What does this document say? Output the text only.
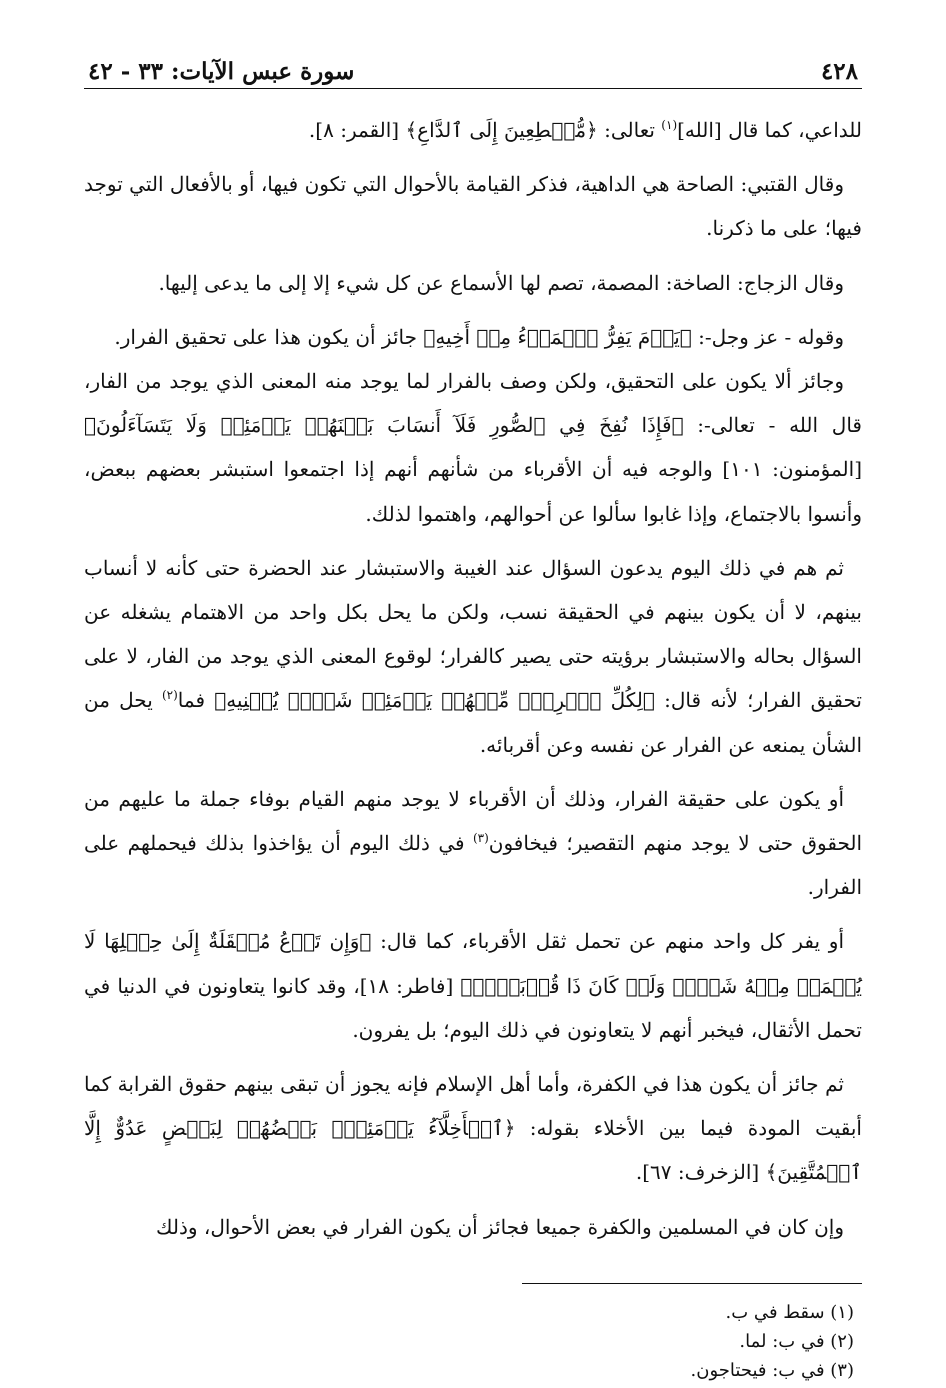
٤٢٨
سورة عبس الآيات: ٣٣ - ٤٢

للداعي، كما قال [الله]$^{(١)}$ تعالى: ﴿مُّهۡطِعِينَ إِلَى ٱلدَّاعِ﴾ [القمر: ٨].

وقال القتبي: الصاحة هي الداهية، فذكر القيامة بالأحوال التي تكون فيها، أو بالأفعال التي توجد فيها؛ على ما ذكرنا.

وقال الزجاج: الصاخة: المصمة، تصم لها الأسماع عن كل شيء إلا إلى ما يدعى إليها.

وقوله - عز وجل-: ﴿يَوۡمَ يَفِرُّ ٱلۡمَرۡءُ مِنۡ أَخِيهِ﴾ جائز أن يكون هذا على تحقيق الفرار.

وجائز ألا يكون على التحقيق، ولكن وصف بالفرار لما يوجد منه المعنى الذي يوجد من الفار، قال الله - تعالى-: ﴿فَإِذَا نُفِخَ فِي ٱلصُّورِ فَلَآ أَنسَابَ بَيۡنَهُمۡ يَوۡمَئِذٖ وَلَا يَتَسَآءَلُونَ﴾ [المؤمنون: ١٠١] والوجه فيه أن الأقرباء من شأنهم أنهم إذا اجتمعوا استبشر بعضهم ببعض، وأنسوا بالاجتماع، وإذا غابوا سألوا عن أحوالهم، واهتموا لذلك.

ثم هم في ذلك اليوم يدعون السؤال عند الغيبة والاستبشار عند الحضرة حتى كأنه لا أنساب بينهم، لا أن يكون بينهم في الحقيقة نسب، ولكن ما يحل بكل واحد من الاهتمام يشغله عن السؤال بحاله والاستبشار برؤيته حتى يصير كالفرار؛ لوقوع المعنى الذي يوجد من الفار، لا على تحقيق الفرار؛ لأنه قال: ﴿لِكُلِّ ٱمۡرِيٕٖ مِّنۡهُمۡ يَوۡمَئِذٖ شَأۡنٞ يُغۡنِيهِ﴾ فما$^{(٢)}$ يحل من الشأن يمنعه عن الفرار عن نفسه وعن أقربائه.

أو يكون على حقيقة الفرار، وذلك أن الأقرباء لا يوجد منهم القيام بوفاء جملة ما عليهم من الحقوق حتى لا يوجد منهم التقصير؛ فيخافون$^{(٣)}$ في ذلك اليوم أن يؤاخذوا بذلك فيحملهم على الفرار.

أو يفر كل واحد منهم عن تحمل ثقل الأقرباء، كما قال: ﴿وَإِن تَدۡعُ مُثۡقَلَةٌ إِلَىٰ حِمۡلِهَا لَا يُحۡمَلۡ مِنۡهُ شَيۡءٞ وَلَوۡ كَانَ ذَا قُرۡبَىٰٓۗ﴾ [فاطر: ١٨]، وقد كانوا يتعاونون في الدنيا في تحمل الأثقال، فيخبر أنهم لا يتعاونون في ذلك اليوم؛ بل يفرون.

ثم جائز أن يكون هذا في الكفرة، وأما أهل الإسلام فإنه يجوز أن تبقى بينهم حقوق القرابة كما أبقيت المودة فيما بين الأخلاء بقوله: ﴿ٱلۡأَخِلَّآءُ يَوۡمَئِذِۭ بَعۡضُهُمۡ لِبَعۡضٍ عَدُوٌّ إِلَّا ٱلۡمُتَّقِينَ﴾ [الزخرف: ٦٧].

وإن كان في المسلمين والكفرة جميعا فجائز أن يكون الفرار في بعض الأحوال، وذلك

(١) سقط في ب.
(٢) في ب: لما.
(٣) في ب: فيحتاجون.
